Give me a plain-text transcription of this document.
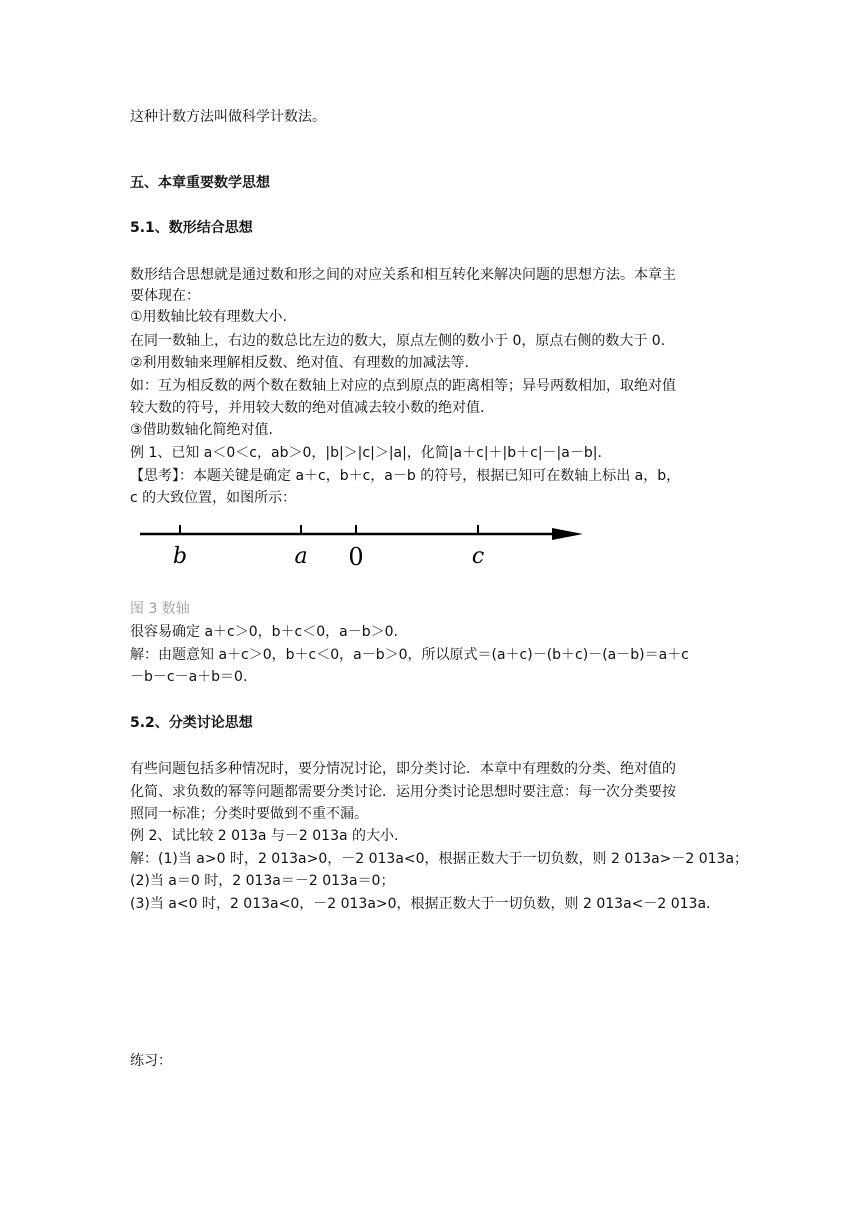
这种计数方法叫做科学计数法。
五、本章重要数学思想
5.1、数形结合思想
数形结合思想就是通过数和形之间的对应关系和相互转化来解决问题的思想方法。本章主
要体现在：
①用数轴比较有理数大小.
在同一数轴上，右边的数总比左边的数大，原点左侧的数小于 0，原点右侧的数大于 0.
②利用数轴来理解相反数、绝对值、有理数的加减法等.
如：互为相反数的两个数在数轴上对应的点到原点的距离相等；异号两数相加，取绝对值
较大数的符号，并用较大数的绝对值减去较小数的绝对值.
③借助数轴化简绝对值.
例 1、已知 a＜0＜c，ab＞0，|b|＞|c|＞|a|，化简|a＋c|＋|b＋c|－|a－b|.
【思考】：本题关键是确定 a＋c，b＋c，a－b 的符号，根据已知可在数轴上标出 a，b，
c 的大致位置，如图所示：
b	a 0	c
图 3 数轴
很容易确定 a＋c＞0，b＋c＜0，a－b＞0.
解：由题意知 a＋c＞0，b＋c＜0，a－b＞0，所以原式＝(a＋c)－(b＋c)－(a－b)＝a＋c
－b－c－a＋b＝0.
5.2、分类讨论思想
有些问题包括多种情况时，要分情况讨论，即分类讨论．本章中有理数的分类、绝对值的
化简、求负数的幂等问题都需要分类讨论．运用分类讨论思想时要注意：每一次分类要按
照同一标准；分类时要做到不重不漏。
例 2、试比较 2 013a 与－2 013a 的大小.
解：(1)当 a>0 时，2 013a>0，－2 013a<0，根据正数大于一切负数，则 2 013a>－2 013a；
(2)当 a＝0 时，2 013a＝－2 013a＝0；
(3)当 a<0 时，2 013a<0，－2 013a>0，根据正数大于一切负数，则 2 013a<－2 013a.
练习：
